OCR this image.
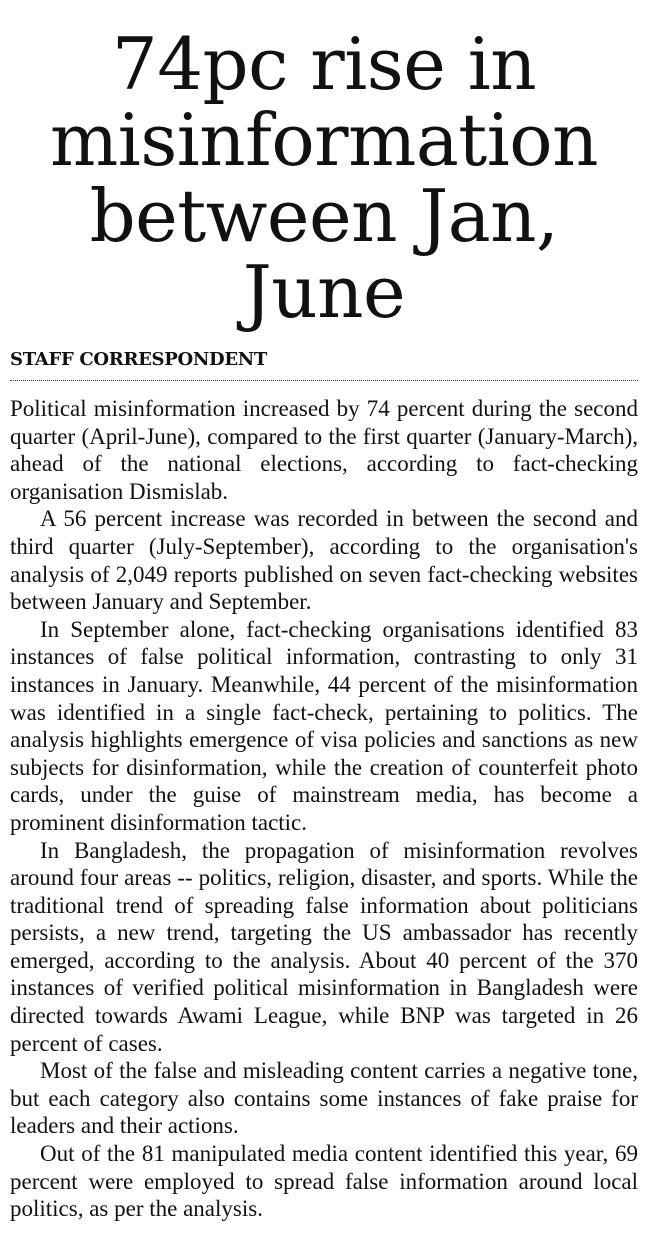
74pc rise in
misinformation
between Jan, June
STAFF CORRESPONDENT

Political misinformation increased by 74 percent during the second quarter (April-June), compared to the first quarter (January-March), ahead of the national elections, according to fact-checking organisation Dismislab.

A 56 percent increase was recorded in between the second and third quarter (July-September), according to the organisation's analysis of 2,049 reports published on seven fact-checking websites between January and September.

In September alone, fact-checking organisations identified 83 instances of false political information, contrasting to only 31 instances in January. Meanwhile, 44 percent of the misinformation was identified in a single fact-check, pertaining to politics. The analysis highlights emergence of visa policies and sanctions as new subjects for disinformation, while the creation of counterfeit photo cards, under the guise of mainstream media, has become a prominent disinformation tactic.

In Bangladesh, the propagation of misinformation revolves around four areas -- politics, religion, disaster, and sports. While the traditional trend of spreading false information about politicians persists, a new trend, targeting the US ambassador has recently emerged, according to the analysis. About 40 percent of the 370 instances of verified political misinformation in Bangladesh were directed towards Awami League, while BNP was targeted in 26 percent of cases.

Most of the false and misleading content carries a negative tone, but each category also contains some instances of fake praise for leaders and their actions.

Out of the 81 manipulated media content identified this year, 69 percent were employed to spread false information around local politics, as per the analysis.
